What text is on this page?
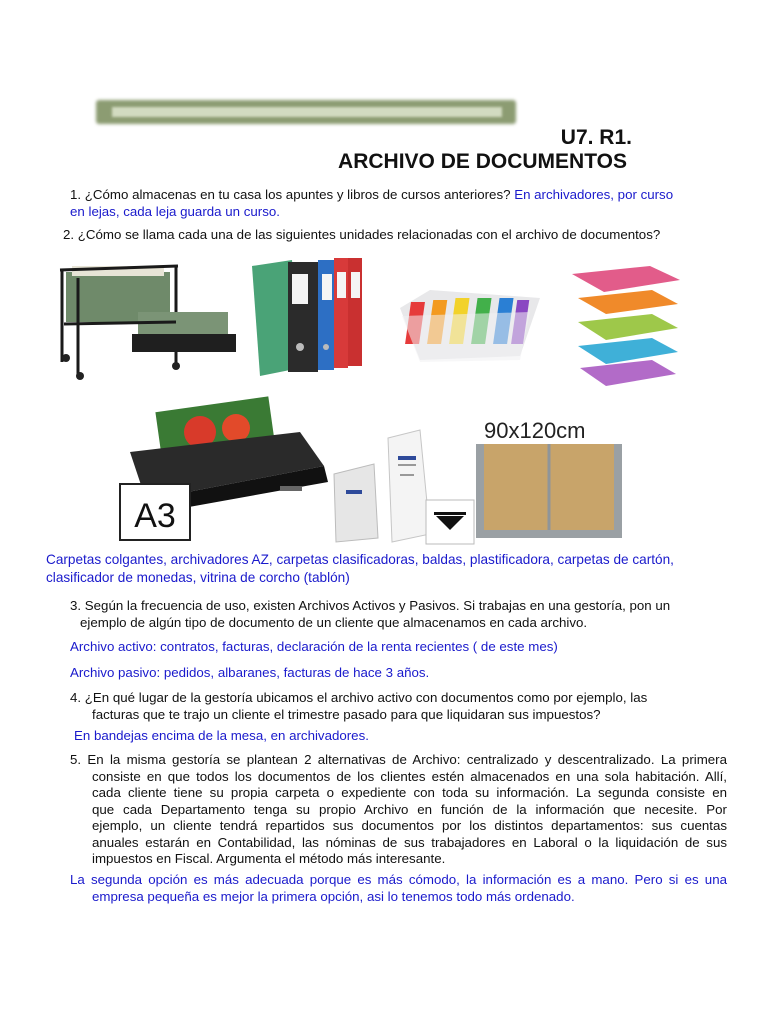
U7. R1.
ARCHIVO DE DOCUMENTOS
1. ¿Cómo almacenas en tu casa los apuntes y libros de cursos anteriores? En archivadores, por curso
en lejas, cada leja guarda un curso.
2. ¿Cómo se llama cada una de las siguientes unidades relacionadas con el archivo de documentos?
A3
90x120cm
Carpetas colgantes, archivadores AZ, carpetas clasificadoras, baldas, plastificadora, carpetas de cartón,
clasificador de monedas, vitrina de corcho (tablón)
3. Según la frecuencia de uso, existen Archivos Activos y Pasivos. Si trabajas en una gestoría, pon un
ejemplo de algún tipo de documento de un cliente que almacenamos en cada archivo.
Archivo activo: contratos, facturas, declaración de la renta recientes ( de este mes)
Archivo pasivo: pedidos, albaranes, facturas de hace 3 años.
4. ¿En qué lugar de la gestoría ubicamos el archivo activo con documentos como por ejemplo, las
facturas que te trajo un cliente el trimestre pasado para que liquidaran sus impuestos?
En bandejas encima de la mesa, en archivadores.
5. En la misma gestoría se plantean 2 alternativas de Archivo: centralizado y descentralizado. La primera
consiste en que todos los documentos de los clientes estén almacenados en una sola habitación. Allí,
cada cliente tiene su propia carpeta o expediente con toda su información. La segunda consiste en
que cada Departamento tenga su propio Archivo en función de la información que necesite. Por
ejemplo, un cliente tendrá repartidos sus documentos por los distintos departamentos: sus cuentas
anuales estarán en Contabilidad, las nóminas de sus trabajadores en Laboral o la liquidación de sus
impuestos en Fiscal. Argumenta el método más interesante.
La segunda opción es más adecuada porque es más cómodo, la información es a mano. Pero si es una
empresa pequeña es mejor la primera opción, asi lo tenemos todo más ordenado.
